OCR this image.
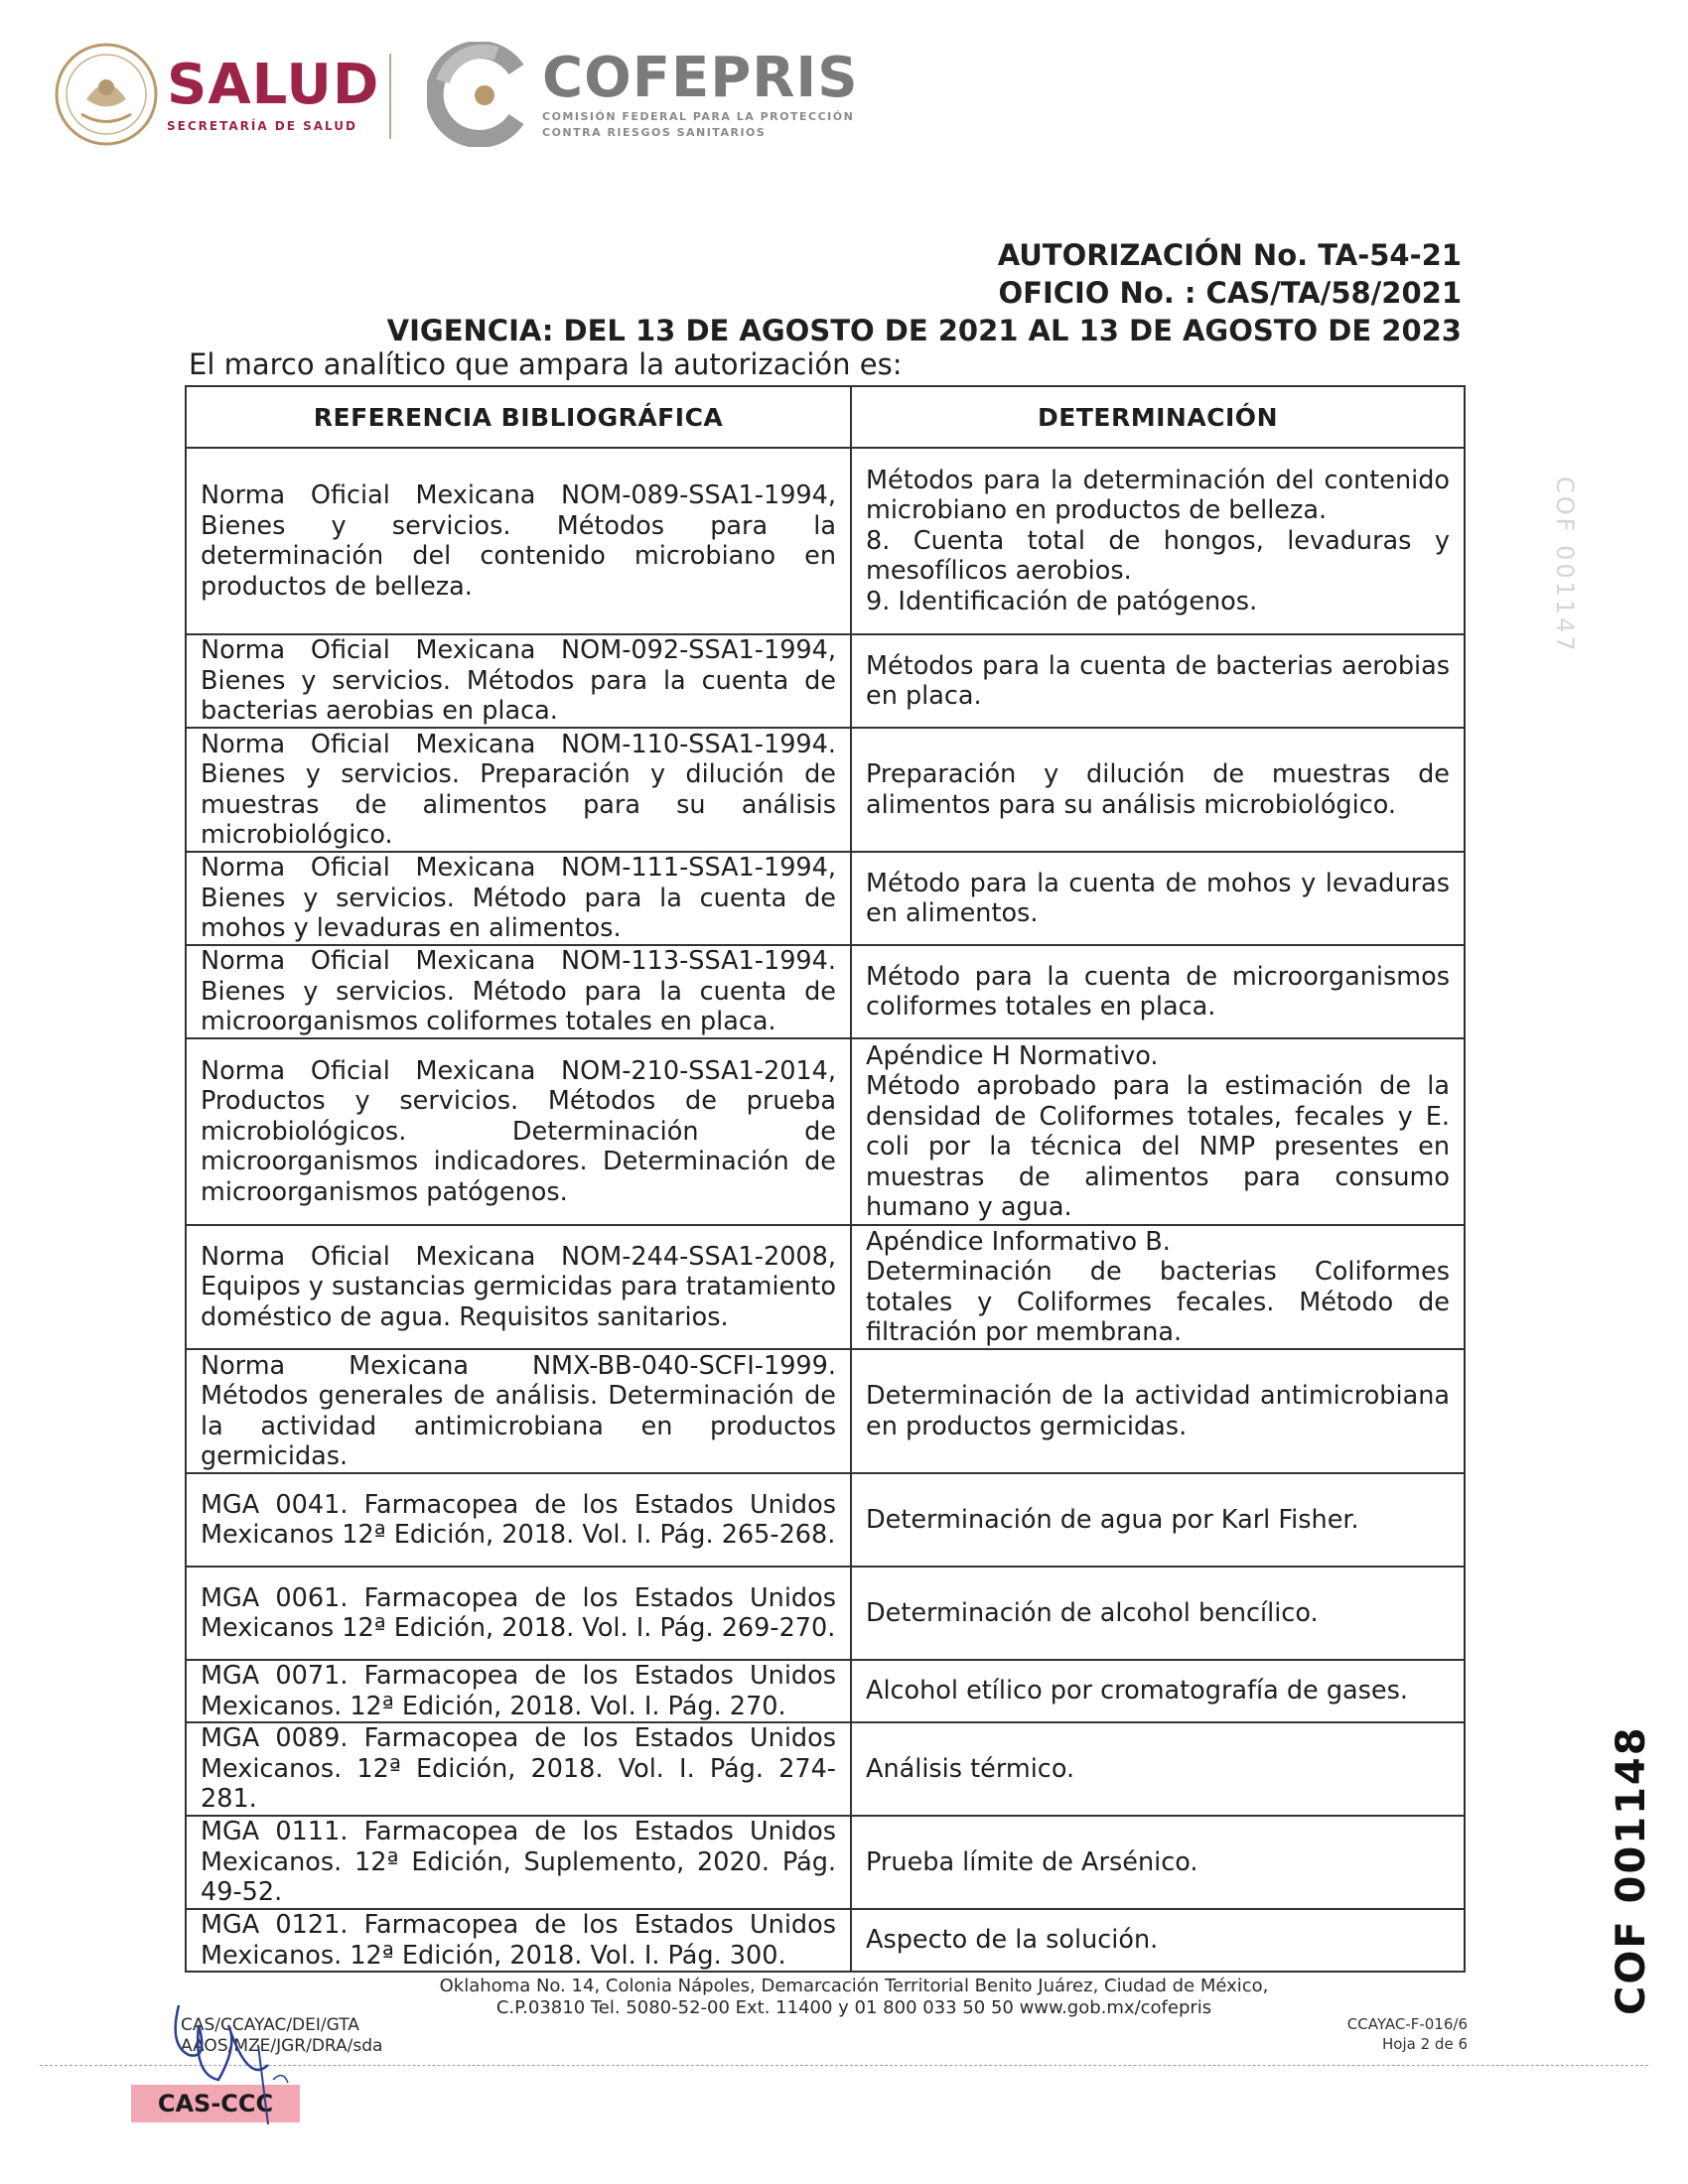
SALUD
SECRETARÍA DE SALUD
COFEPRIS
COMISIÓN FEDERAL PARA LA PROTECCIÓN
CONTRA RIESGOS SANITARIOS
AUTORIZACIÓN No. TA-54-21
OFICIO No. : CAS/TA/58/2021
VIGENCIA: DEL 13 DE AGOSTO DE 2021 AL 13 DE AGOSTO DE 2023
El marco analítico que ampara la autorización es:
REFERENCIA BIBLIOGRÁFICA	DETERMINACIÓN
Norma Oficial Mexicana NOM-089-SSA1-1994, Bienes y servicios. Métodos para la determinación del contenido microbiano en productos de belleza.	Métodos para la determinación del contenido microbiano en productos de belleza.
8. Cuenta total de hongos, levaduras y mesofílicos aerobios.
9. Identificación de patógenos.

Norma Oficial Mexicana NOM-092-SSA1-1994, Bienes y servicios. Métodos para la cuenta de bacterias aerobias en placa.	Métodos para la cuenta de bacterias aerobias en placa.

Norma Oficial Mexicana NOM-110-SSA1-1994. Bienes y servicios. Preparación y dilución de muestras de alimentos para su análisis microbiológico.	Preparación y dilución de muestras de alimentos para su análisis microbiológico.

Norma Oficial Mexicana NOM-111-SSA1-1994, Bienes y servicios. Método para la cuenta de mohos y levaduras en alimentos.	Método para la cuenta de mohos y levaduras en alimentos.

Norma Oficial Mexicana NOM-113-SSA1-1994. Bienes y servicios. Método para la cuenta de microorganismos coliformes totales en placa.	Método para la cuenta de microorganismos coliformes totales en placa.

Norma Oficial Mexicana NOM-210-SSA1-2014, Productos y servicios. Métodos de prueba microbiológicos. Determinación de microorganismos indicadores. Determinación de microorganismos patógenos.	Apéndice H Normativo.
Método aprobado para la estimación de la densidad de Coliformes totales, fecales y E. coli por la técnica del NMP presentes en muestras de alimentos para consumo humano y agua.

Norma Oficial Mexicana NOM-244-SSA1-2008, Equipos y sustancias germicidas para tratamiento doméstico de agua. Requisitos sanitarios.	Apéndice Informativo B.
Determinación de bacterias Coliformes totales y Coliformes fecales. Método de filtración por membrana.

Norma Mexicana NMX-BB-040-SCFI-1999. Métodos generales de análisis. Determinación de la actividad antimicrobiana en productos germicidas.	Determinación de la actividad antimicrobiana en productos germicidas.

MGA 0041. Farmacopea de los Estados Unidos Mexicanos 12ª Edición, 2018. Vol. I. Pág. 265-268.	Determinación de agua por Karl Fisher.

MGA 0061. Farmacopea de los Estados Unidos Mexicanos 12ª Edición, 2018. Vol. I. Pág. 269-270.	Determinación de alcohol bencílico.

MGA 0071. Farmacopea de los Estados Unidos Mexicanos. 12ª Edición, 2018. Vol. I. Pág. 270.	Alcohol etílico por cromatografía de gases.

MGA 0089. Farmacopea de los Estados Unidos Mexicanos. 12ª Edición, 2018. Vol. I. Pág. 274-281.	Análisis térmico.

MGA 0111. Farmacopea de los Estados Unidos Mexicanos. 12ª Edición, Suplemento, 2020. Pág. 49-52.	Prueba límite de Arsénico.

MGA 0121. Farmacopea de los Estados Unidos Mexicanos. 12ª Edición, 2018. Vol. I. Pág. 300.	Aspecto de la solución.
COF 001147
COF 001148
Oklahoma No. 14, Colonia Nápoles, Demarcación Territorial Benito Juárez, Ciudad de México,
C.P.03810 Tel. 5080-52-00 Ext. 11400 y 01 800 033 50 50 www.gob.mx/cofepris
CAS/CCAYAC/DEI/GTA
AAOS/MZE/JGR/DRA/sda
CCAYAC-F-016/6
Hoja 2 de 6
CAS-CCC
